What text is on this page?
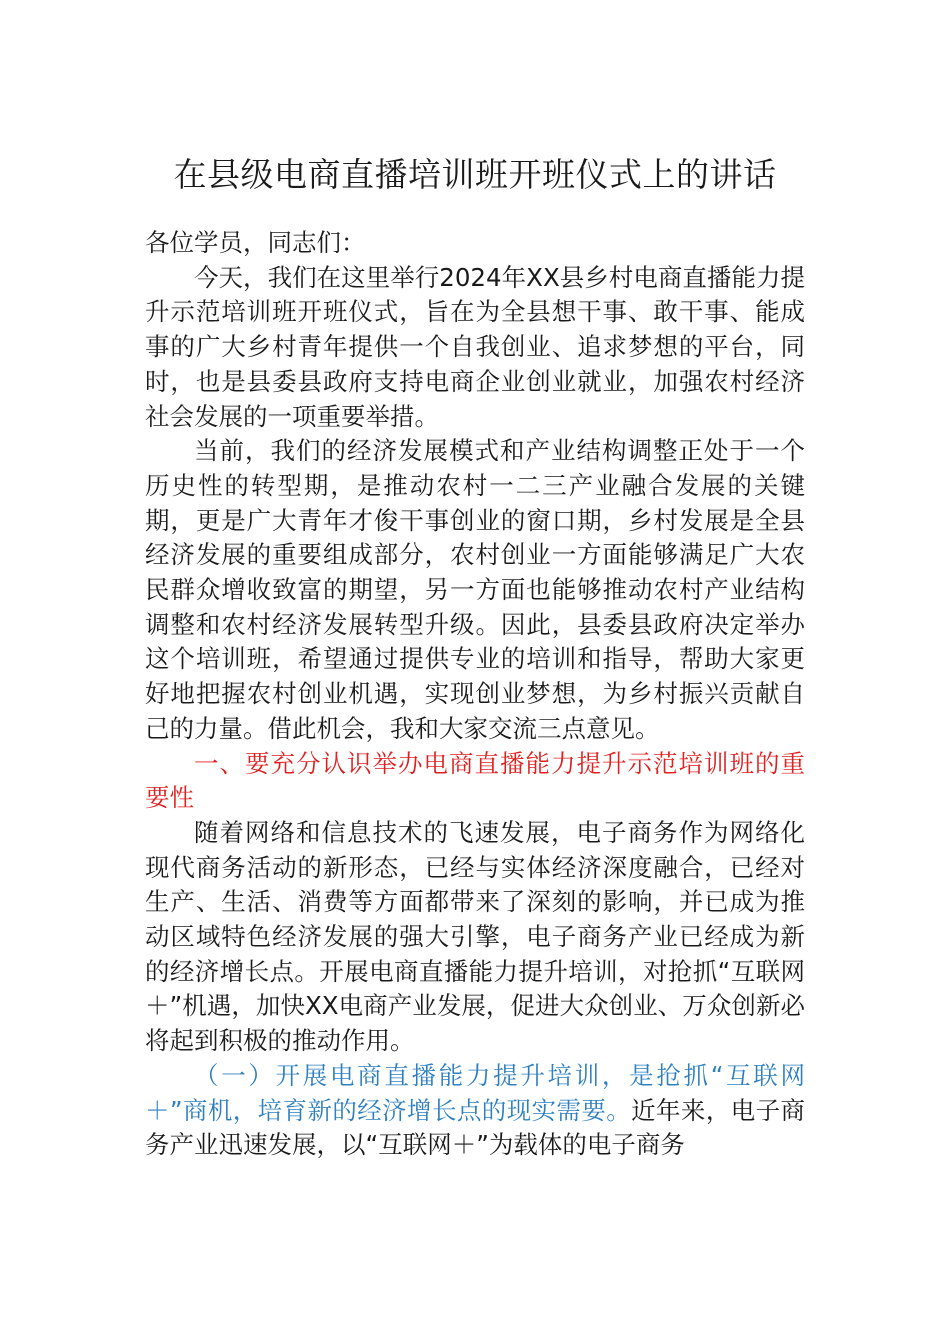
在县级电商直播培训班开班仪式上的讲话

各位学员，同志们：

今天，我们在这里举行2024年XX县乡村电商直播能力提升示范培训班开班仪式，旨在为全县想干事、敢干事、能成事的广大乡村青年提供一个自我创业、追求梦想的平台，同时，也是县委县政府支持电商企业创业就业，加强农村经济社会发展的一项重要举措。

当前，我们的经济发展模式和产业结构调整正处于一个历史性的转型期，是推动农村一二三产业融合发展的关键期，更是广大青年才俊干事创业的窗口期，乡村发展是全县经济发展的重要组成部分，农村创业一方面能够满足广大农民群众增收致富的期望，另一方面也能够推动农村产业结构调整和农村经济发展转型升级。因此，县委县政府决定举办这个培训班，希望通过提供专业的培训和指导，帮助大家更好地把握农村创业机遇，实现创业梦想，为乡村振兴贡献自己的力量。借此机会，我和大家交流三点意见。

一、要充分认识举办电商直播能力提升示范培训班的重要性

随着网络和信息技术的飞速发展，电子商务作为网络化现代商务活动的新形态，已经与实体经济深度融合，已经对生产、生活、消费等方面都带来了深刻的影响，并已成为推动区域特色经济发展的强大引擎，电子商务产业已经成为新的经济增长点。开展电商直播能力提升培训，对抢抓“互联网＋”机遇，加快XX电商产业发展，促进大众创业、万众创新必将起到积极的推动作用。

（一）开展电商直播能力提升培训，是抢抓“互联网＋”商机，培育新的经济增长点的现实需要。近年来，电子商务产业迅速发展，以“互联网＋”为载体的电子商务
